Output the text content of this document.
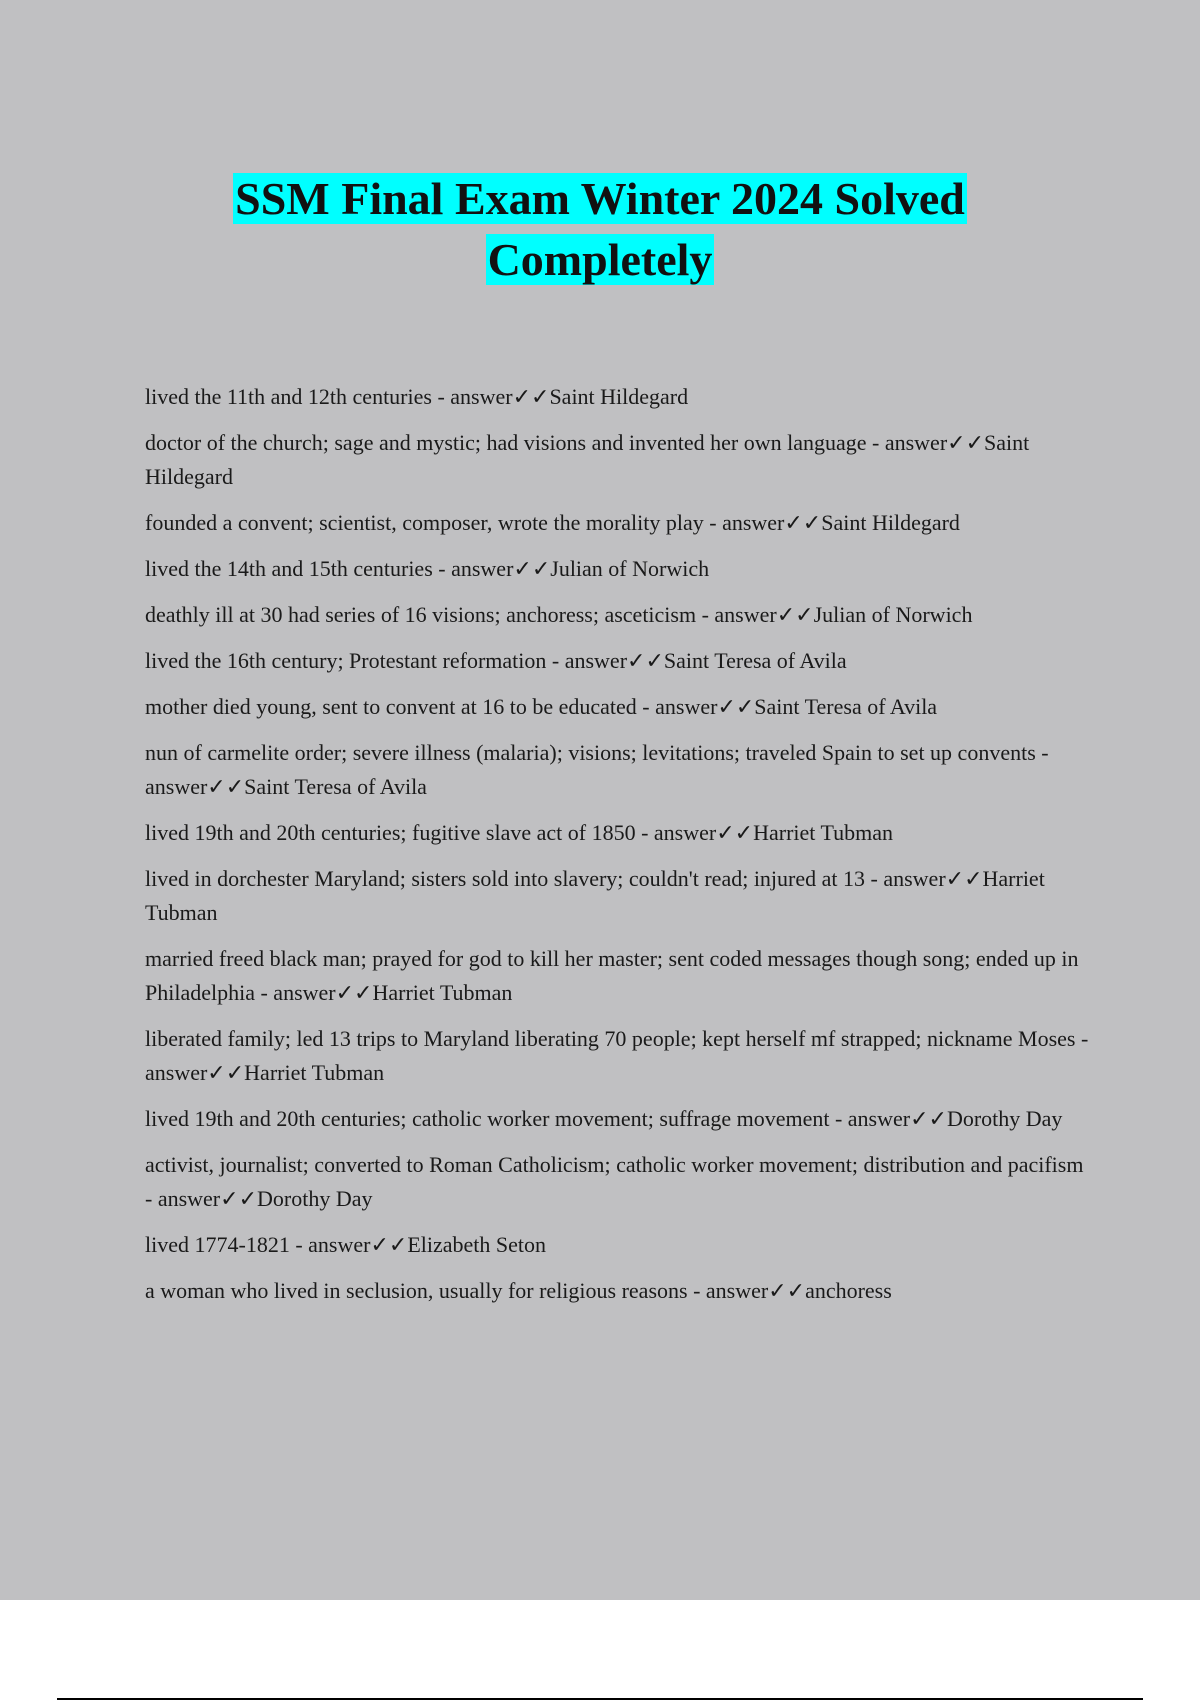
SSM Final Exam Winter 2024 Solved
Completely

lived the 11th and 12th centuries - answer✓✓Saint Hildegard

doctor of the church; sage and mystic; had visions and invented her own language - answer✓✓Saint Hildegard

founded a convent; scientist, composer, wrote the morality play - answer✓✓Saint Hildegard

lived the 14th and 15th centuries - answer✓✓Julian of Norwich

deathly ill at 30 had series of 16 visions; anchoress; asceticism - answer✓✓Julian of Norwich

lived the 16th century; Protestant reformation - answer✓✓Saint Teresa of Avila

mother died young, sent to convent at 16 to be educated - answer✓✓Saint Teresa of Avila

nun of carmelite order; severe illness (malaria); visions; levitations; traveled Spain to set up convents - answer✓✓Saint Teresa of Avila

lived 19th and 20th centuries; fugitive slave act of 1850 - answer✓✓Harriet Tubman

lived in dorchester Maryland; sisters sold into slavery; couldn't read; injured at 13 - answer✓✓Harriet Tubman

married freed black man; prayed for god to kill her master; sent coded messages though song; ended up in Philadelphia - answer✓✓Harriet Tubman

liberated family; led 13 trips to Maryland liberating 70 people; kept herself mf strapped; nickname Moses - answer✓✓Harriet Tubman

lived 19th and 20th centuries; catholic worker movement; suffrage movement - answer✓✓Dorothy Day

activist, journalist; converted to Roman Catholicism; catholic worker movement; distribution and pacifism - answer✓✓Dorothy Day

lived 1774-1821 - answer✓✓Elizabeth Seton

a woman who lived in seclusion, usually for religious reasons - answer✓✓anchoress
